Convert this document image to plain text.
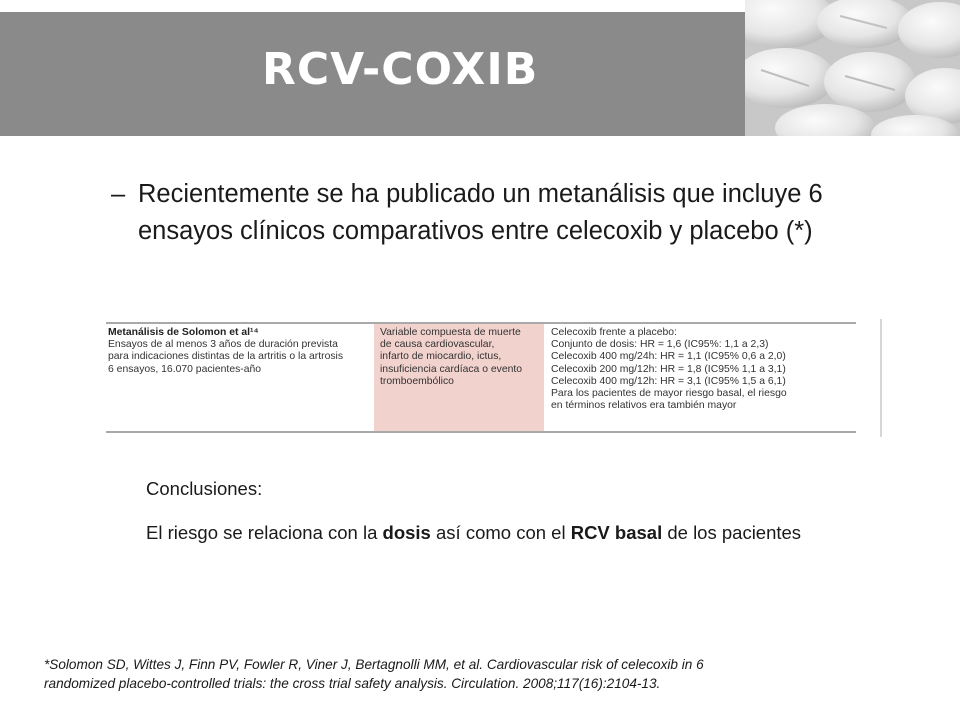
RCV-COXIB
– Recientemente se ha publicado un metanálisis que incluye 6 ensayos clínicos comparativos entre celecoxib y placebo (*)
Metanálisis de Solomon et al¹⁴
Ensayos de al menos 3 años de duración prevista
para indicaciones distintas de la artritis o la artrosis
6 ensayos, 16.070 pacientes-año
Variable compuesta de muerte
de causa cardiovascular,
infarto de miocardio, ictus,
insuficiencia cardíaca o evento
tromboembólico
Celecoxib frente a placebo:
Conjunto de dosis: HR = 1,6 (IC95%: 1,1 a 2,3)
Celecoxib 400 mg/24h: HR = 1,1 (IC95% 0,6 a 2,0)
Celecoxib 200 mg/12h: HR = 1,8 (IC95% 1,1 a 3,1)
Celecoxib 400 mg/12h: HR = 3,1 (IC95% 1,5 a 6,1)
Para los pacientes de mayor riesgo basal, el riesgo
en términos relativos era también mayor
Conclusiones:
El riesgo se relaciona con la dosis así como con el RCV basal de los pacientes
*Solomon SD, Wittes J, Finn PV, Fowler R, Viner J, Bertagnolli MM, et al. Cardiovascular risk of celecoxib in 6
randomized placebo-controlled trials: the cross trial safety analysis. Circulation. 2008;117(16):2104-13.
